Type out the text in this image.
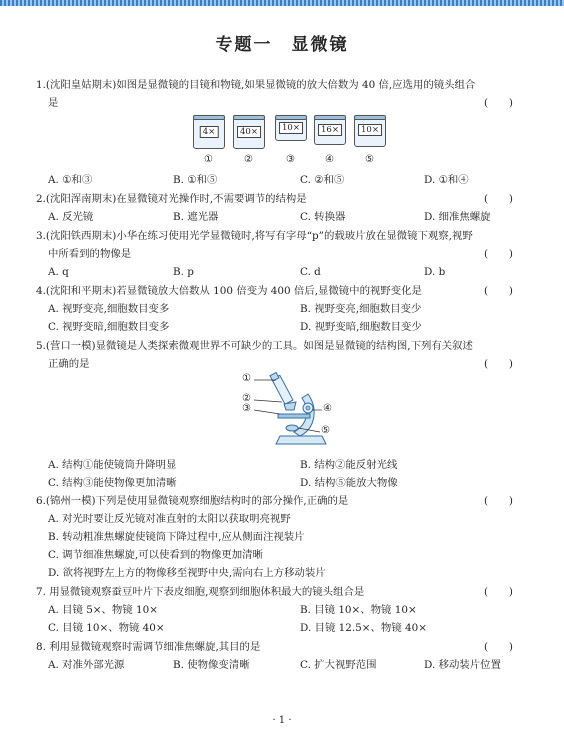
专题一　显微镜
1.(沈阳皇姑期末)如图是显微镜的目镜和物镜,如果显微镜的放大倍数为 40 倍,应选用的镜头组合
是	(　　)
4×	40×	10×	16×	10×
①	②	③	④	⑤
A. ①和③	B. ①和⑤	C. ②和⑤	D. ①和④
2.(沈阳浑南期末)在显微镜对光操作时,不需要调节的结构是	(　　)
A. 反光镜	B. 遮光器	C. 转换器	D. 细准焦螺旋
3.(沈阳铁西期末)小华在练习使用光学显微镜时,将写有字母“p”的载玻片放在显微镜下观察,视野
中所看到的物像是	(　　)
A. q	B. p	C. d	D. b
4.(沈阳和平期末)若显微镜放大倍数从 100 倍变为 400 倍后,显微镜中的视野变化是	(　　)
A. 视野变亮,细胞数目变多	B. 视野变亮,细胞数目变少
C. 视野变暗,细胞数目变多	D. 视野变暗,细胞数目变少
5.(营口一模)显微镜是人类探索微观世界不可缺少的工具。如图是显微镜的结构图,下列有关叙述
正确的是	(　　)
①
②
③	④
⑤
A. 结构①能使镜筒升降明显	B. 结构②能反射光线
C. 结构③能使物像更加清晰	D. 结构⑤能放大物像
6.(锦州一模)下列是使用显微镜观察细胞结构时的部分操作,正确的是	(　　)
A. 对光时要让反光镜对准直射的太阳以获取明亮视野
B. 转动粗准焦螺旋使镜筒下降过程中,应从侧面注视装片
C. 调节细准焦螺旋,可以使看到的物像更加清晰
D. 欲将视野左上方的物像移至视野中央,需向右上方移动装片
7. 用显微镜观察蚕豆叶片下表皮细胞,观察到细胞体积最大的镜头组合是	(　　)
A. 目镜 5×、物镜 10×	B. 目镜 10×、物镜 10×
C. 目镜 10×、物镜 40×	D. 目镜 12.5×、物镜 40×
8. 利用显微镜观察时需调节细准焦螺旋,其目的是	(　　)
A. 对准外部光源	B. 使物像变清晰	C. 扩大视野范围	D. 移动装片位置
· 1 ·
